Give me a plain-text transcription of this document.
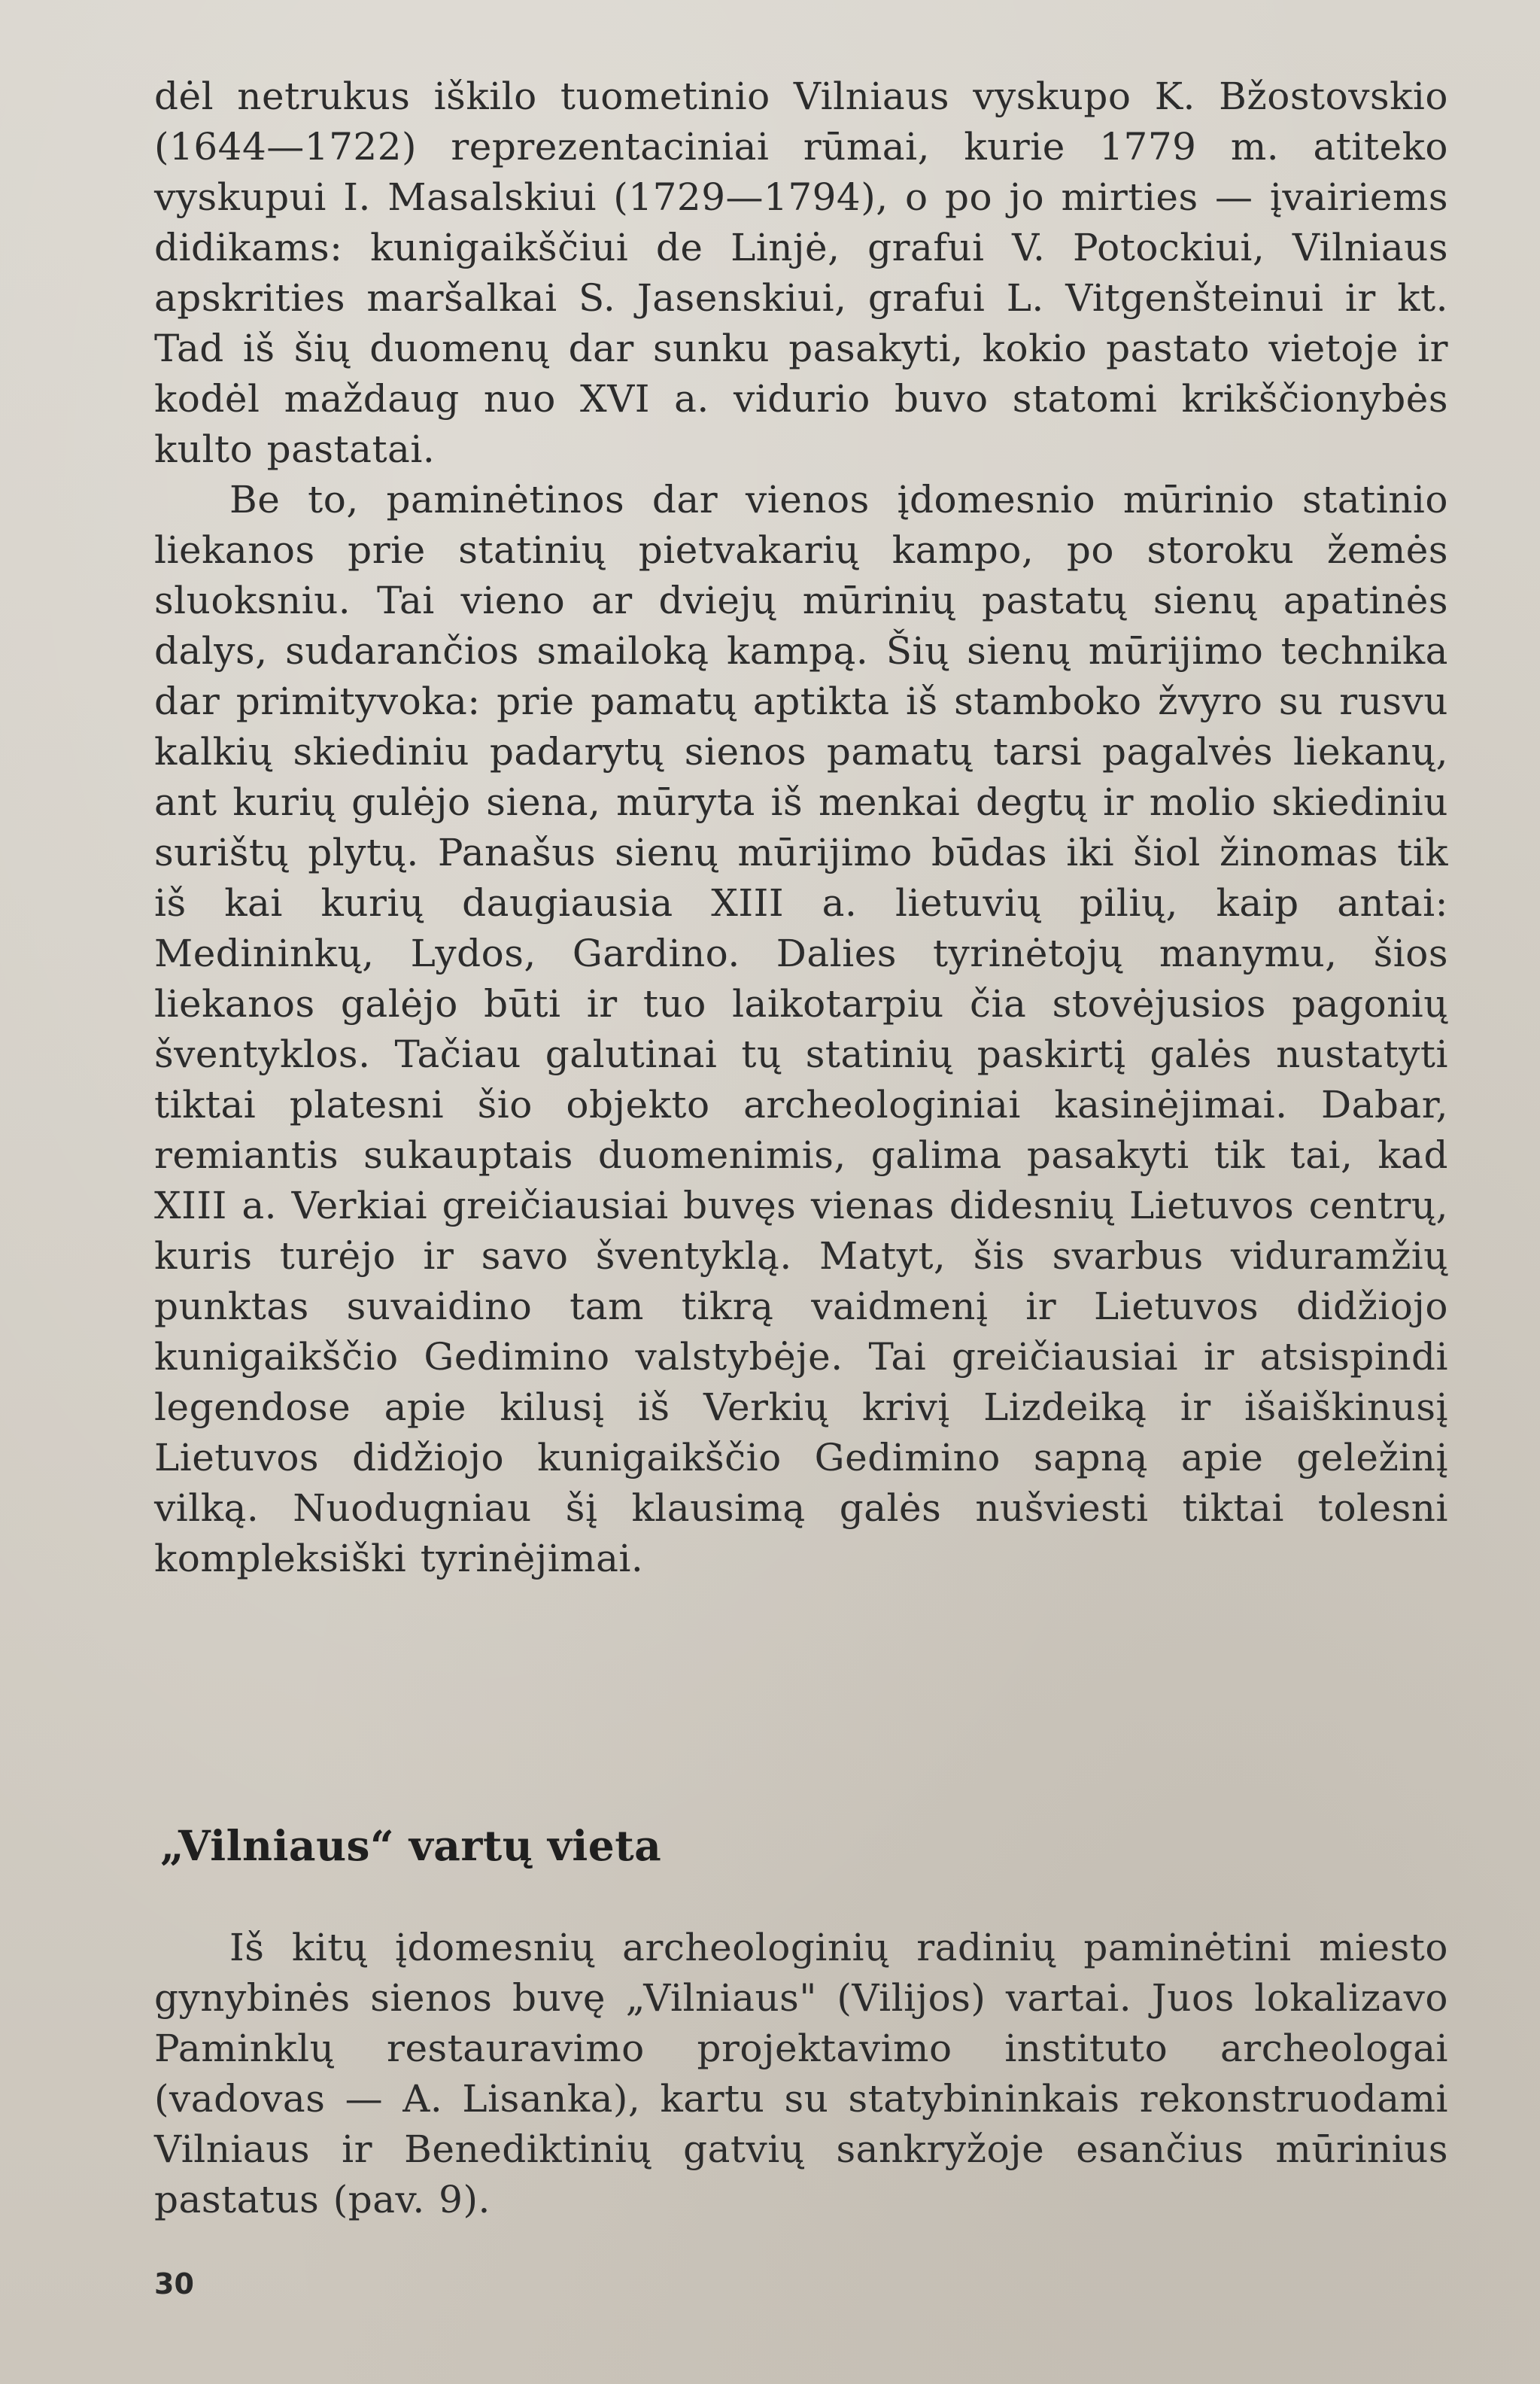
dėl netrukus iškilo tuometinio Vilniaus vyskupo K. Bžostovskio (1644—1722) reprezentaciniai rūmai, kurie 1779 m. atiteko vyskupui I. Masalskiui (1729—1794), o po jo mirties — įvairiems didikams: kunigaikščiui de Linjė, grafui V. Potockiui, Vilniaus apskrities maršalkai S. Jasenskiui, grafui L. Vitgenšteinui ir kt. Tad iš šių duomenų dar sunku pasakyti, kokio pastato vietoje ir kodėl maždaug nuo XVI a. vidurio buvo statomi krikščionybės kulto pastatai.

Be to, paminėtinos dar vienos įdomesnio mūrinio statinio liekanos prie statinių pietvakarių kampo, po storoku žemės sluoksniu. Tai vieno ar dviejų mūrinių pastatų sienų apatinės dalys, sudarančios smailoką kampą. Šių sienų mūrijimo technika dar primityvoka: prie pamatų aptikta iš stamboko žvyro su rusvu kalkių skiediniu padarytų sienos pamatų tarsi pagalvės liekanų, ant kurių gulėjo siena, mūryta iš menkai degtų ir molio skiediniu surištų plytų. Panašus sienų mūrijimo būdas iki šiol žinomas tik iš kai kurių daugiausia XIII a. lietuvių pilių, kaip antai: Medininkų, Lydos, Gardino. Dalies tyrinėtojų manymu, šios liekanos galėjo būti ir tuo laikotarpiu čia stovėjusios pagonių šventyklos. Tačiau galutinai tų statinių paskirtį galės nustatyti tiktai platesni šio objekto archeologiniai kasinėjimai. Dabar, remiantis sukauptais duomenimis, galima pasakyti tik tai, kad XIII a. Verkiai greičiausiai buvęs vienas didesnių Lietuvos centrų, kuris turėjo ir savo šventyklą. Matyt, šis svarbus viduramžių punktas suvaidino tam tikrą vaidmenį ir Lietuvos didžiojo kunigaikščio Gedimino valstybėje. Tai greičiausiai ir atsispindi legendose apie kilusį iš Verkių krivį Lizdeiką ir išaiškinusį Lietuvos didžiojo kunigaikščio Gedimino sapną apie geležinį vilką. Nuodugniau šį klausimą galės nušviesti tiktai tolesni kompleksiški tyrinėjimai.

„Vilniaus“ vartų vieta

Iš kitų įdomesnių archeologinių radinių paminėtini miesto gynybinės sienos buvę „Vilniaus" (Vilijos) vartai. Juos lokalizavo Paminklų restauravimo projektavimo instituto archeologai (vadovas — A. Lisanka), kartu su statybininkais rekonstruodami Vilniaus ir Benediktinių gatvių sankryžoje esančius mūrinius pastatus (pav. 9).

30
